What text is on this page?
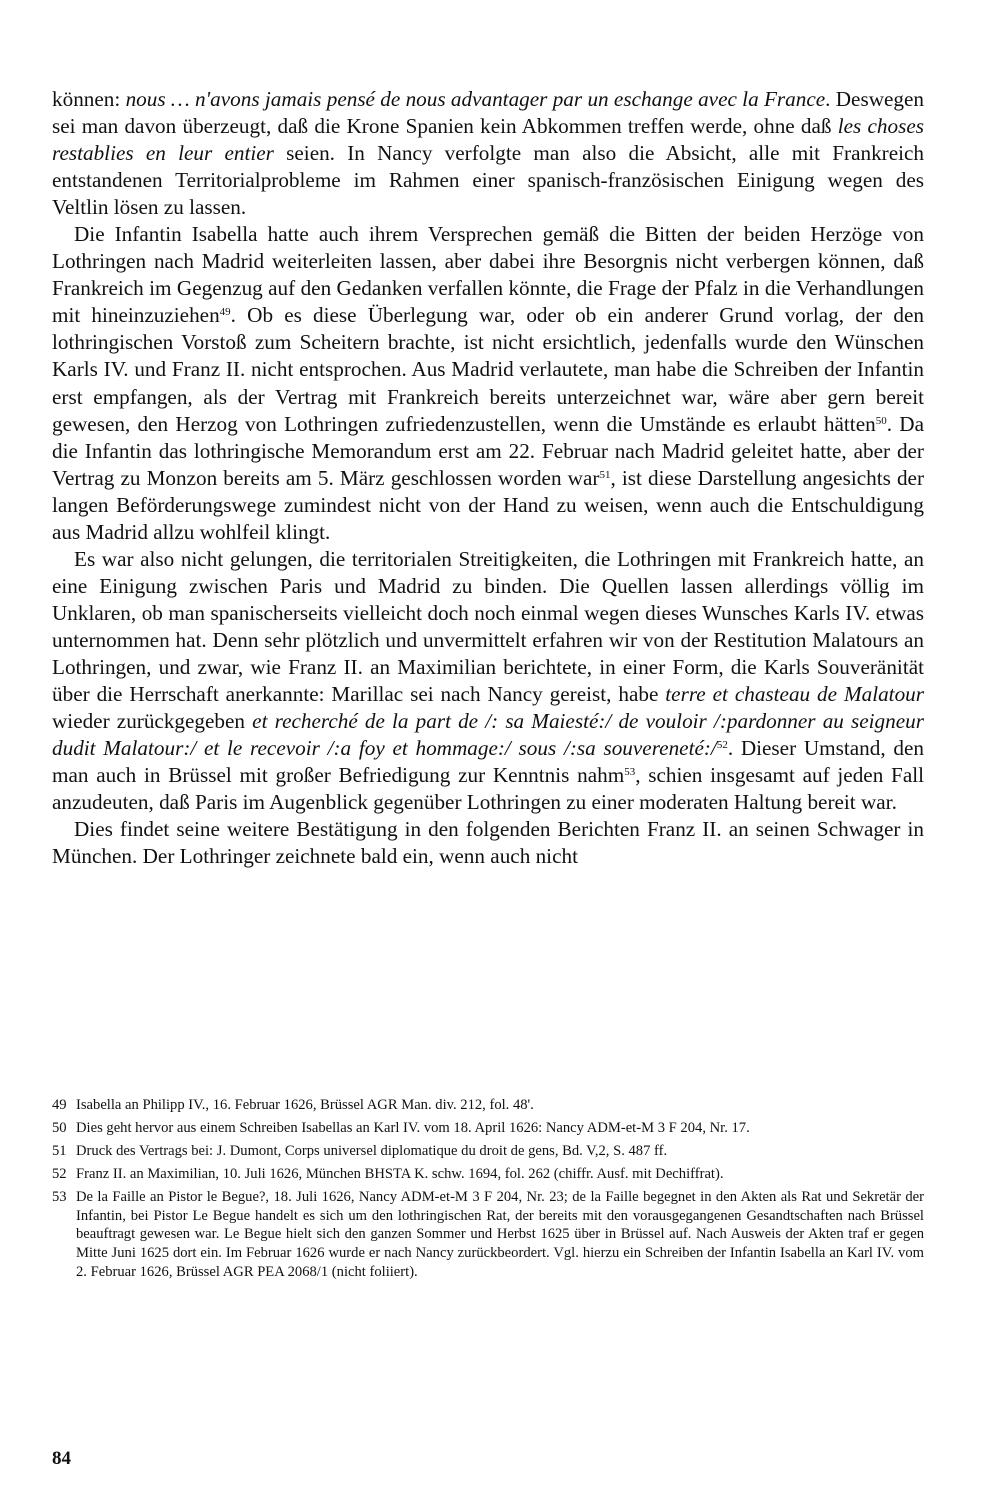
können: nous … n'avons jamais pensé de nous advantager par un eschange avec la France. Deswegen sei man davon überzeugt, daß die Krone Spanien kein Abkommen treffen werde, ohne daß les choses restablies en leur entier seien. In Nancy verfolgte man also die Absicht, alle mit Frankreich entstandenen Territorialprobleme im Rahmen einer spanisch-französischen Einigung wegen des Veltlin lösen zu lassen.

Die Infantin Isabella hatte auch ihrem Versprechen gemäß die Bitten der beiden Herzöge von Lothringen nach Madrid weiterleiten lassen, aber dabei ihre Besorgnis nicht verbergen können, daß Frankreich im Gegenzug auf den Gedanken verfallen könnte, die Frage der Pfalz in die Verhandlungen mit hineinzuziehen$^{49}$. Ob es diese Überlegung war, oder ob ein anderer Grund vorlag, der den lothringischen Vorstoß zum Scheitern brachte, ist nicht ersichtlich, jedenfalls wurde den Wünschen Karls IV. und Franz II. nicht entsprochen. Aus Madrid verlautete, man habe die Schreiben der Infantin erst empfangen, als der Vertrag mit Frankreich bereits unterzeichnet war, wäre aber gern bereit gewesen, den Herzog von Lothringen zufriedenzustellen, wenn die Umstände es erlaubt hätten$^{50}$. Da die Infantin das lothringische Memorandum erst am 22. Februar nach Madrid geleitet hatte, aber der Vertrag zu Monzon bereits am 5. März geschlossen worden war$^{51}$, ist diese Darstellung angesichts der langen Beförderungswege zumindest nicht von der Hand zu weisen, wenn auch die Entschuldigung aus Madrid allzu wohlfeil klingt.

Es war also nicht gelungen, die territorialen Streitigkeiten, die Lothringen mit Frankreich hatte, an eine Einigung zwischen Paris und Madrid zu binden. Die Quellen lassen allerdings völlig im Unklaren, ob man spanischerseits vielleicht doch noch einmal wegen dieses Wunsches Karls IV. etwas unternommen hat. Denn sehr plötzlich und unvermittelt erfahren wir von der Restitution Malatours an Lothringen, und zwar, wie Franz II. an Maximilian berichtete, in einer Form, die Karls Souveränität über die Herrschaft anerkannte: Marillac sei nach Nancy gereist, habe terre et chasteau de Malatour wieder zurückgegeben et recherché de la part de /: sa Maiesté:/ de vouloir /:pardonner au seigneur dudit Malatour:/ et le recevoir /:a foy et hommage:/ sous /:sa souvereneté:/$^{52}$. Dieser Umstand, den man auch in Brüssel mit großer Befriedigung zur Kenntnis nahm$^{53}$, schien insgesamt auf jeden Fall anzudeuten, daß Paris im Augenblick gegenüber Lothringen zu einer moderaten Haltung bereit war.

Dies findet seine weitere Bestätigung in den folgenden Berichten Franz II. an seinen Schwager in München. Der Lothringer zeichnete bald ein, wenn auch nicht

49 Isabella an Philipp IV., 16. Februar 1626, Brüssel AGR Man. div. 212, fol. 48'.
50 Dies geht hervor aus einem Schreiben Isabellas an Karl IV. vom 18. April 1626: Nancy ADM-et-M 3 F 204, Nr. 17.
51 Druck des Vertrags bei: J. Dumont, Corps universel diplomatique du droit de gens, Bd. V,2, S. 487 ff.
52 Franz II. an Maximilian, 10. Juli 1626, München BHSTA K. schw. 1694, fol. 262 (chiffr. Ausf. mit Dechiffrat).
53 De la Faille an Pistor le Begue?, 18. Juli 1626, Nancy ADM-et-M 3 F 204, Nr. 23; de la Faille begegnet in den Akten als Rat und Sekretär der Infantin, bei Pistor Le Begue handelt es sich um den lothringischen Rat, der bereits mit den vorausgegangenen Gesandtschaften nach Brüssel beauftragt gewesen war. Le Begue hielt sich den ganzen Sommer und Herbst 1625 über in Brüssel auf. Nach Ausweis der Akten traf er gegen Mitte Juni 1625 dort ein. Im Februar 1626 wurde er nach Nancy zurückbeordert. Vgl. hierzu ein Schreiben der Infantin Isabella an Karl IV. vom 2. Februar 1626, Brüssel AGR PEA 2068/1 (nicht foliiert).
84
